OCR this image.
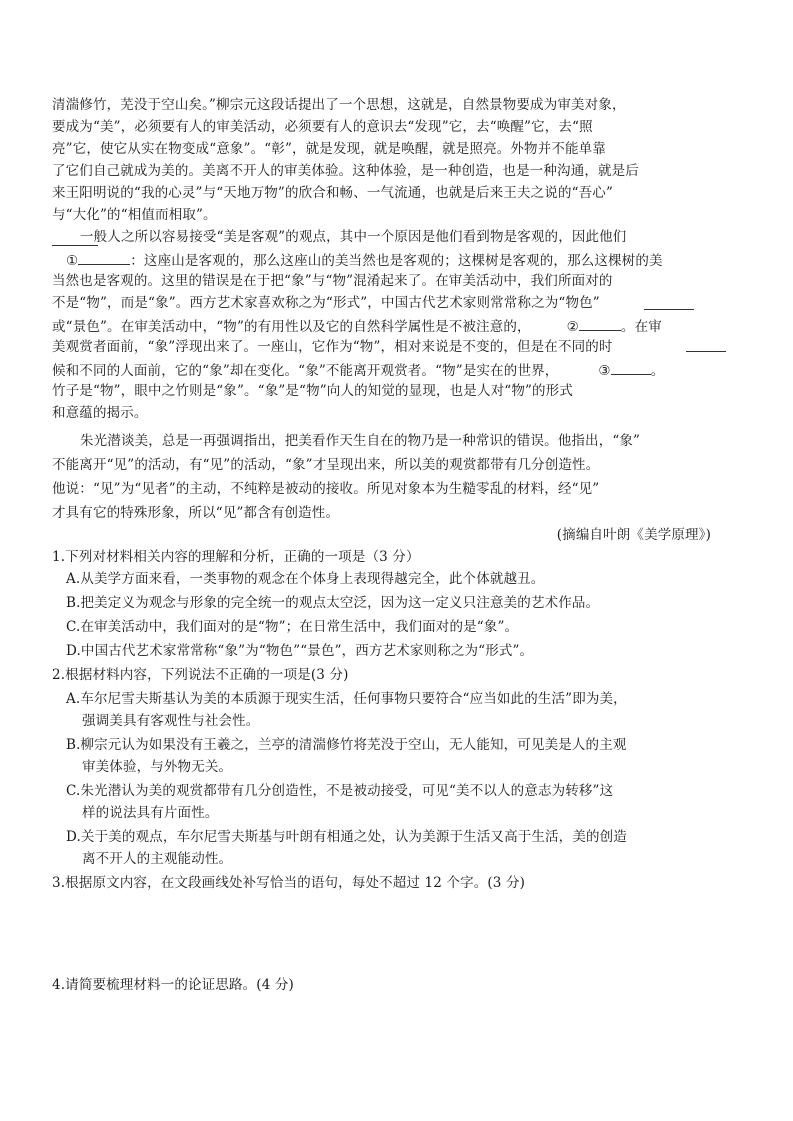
清湍修竹，芜没于空山矣。”柳宗元这段话提出了一个思想，这就是，自然景物要成为审美对象，
要成为“美”，必须要有人的审美活动，必须要有人的意识去“发现”它，去“唤醒”它，去“照
亮”它，使它从实在物变成“意象”。“彰”，就是发现，就是唤醒，就是照亮。外物并不能单靠
了它们自己就成为美的。美离不开人的审美体验。这种体验，是一种创造，也是一种沟通，就是后
来王阳明说的“我的心灵”与“天地万物”的欣合和畅、一气流通，也就是后来王夫之说的“吾心”
与“大化”的“相值而相取”。
一般人之所以容易接受“美是客观”的观点，其中一个原因是他们看到物是客观的，因此他们
①	：这座山是客观的，那么这座山的美当然也是客观的；这棵树是客观的，那么这棵树的美
当然也是客观的。这里的错误是在于把“象”与“物”混淆起来了。在审美活动中，我们所面对的
不是“物”，而是“象”。西方艺术家喜欢称之为“形式”，中国古代艺术家则常常称之为“物色”
或“景色”。在审美活动中，“物”的有用性以及它的自然科学属性是不被注意的，	②	。在审
美观赏者面前，“象”浮现出来了。一座山，它作为“物”，相对来说是不变的，但是在不同的时
候和不同的人面前，它的“象”却在变化。“象”不能离开观赏者。“物”是实在的世界，	③	。
竹子是“物”，眼中之竹则是“象”。“象”是“物”向人的知觉的显现，也是人对“物”的形式
和意蕴的揭示。
朱光潜谈美，总是一再强调指出，把美看作天生自在的物乃是一种常识的错误。他指出，“象”
不能离开“见”的活动，有“见”的活动，“象”才呈现出来，所以美的观赏都带有几分创造性。
他说：“见”为“见者”的主动，不纯粹是被动的接收。所见对象本为生糙零乱的材料，经“见”
才具有它的特殊形象，所以“见”都含有创造性。
(摘编自叶朗《美学原理》)
1.下列对材料相关内容的理解和分析，正确的一项是（3 分）
A.从美学方面来看，一类事物的观念在个体身上表现得越完全，此个体就越丑。
B.把美定义为观念与形象的完全统一的观点太空泛，因为这一定义只注意美的艺术作品。
C.在审美活动中，我们面对的是“物”；在日常生活中，我们面对的是“象”。
D.中国古代艺术家常常称“象”为“物色”“景色”，西方艺术家则称之为“形式”。
2.根据材料内容，下列说法不正确的一项是(3 分)
A.车尔尼雪夫斯基认为美的本质源于现实生活，任何事物只要符合“应当如此的生活”即为美，
强调美具有客观性与社会性。
B.柳宗元认为如果没有王羲之，兰亭的清湍修竹将芜没于空山，无人能知，可见美是人的主观
审美体验，与外物无关。
C.朱光潜认为美的观赏都带有几分创造性，不是被动接受，可见“美不以人的意志为转移”这
样的说法具有片面性。
D.关于美的观点，车尔尼雪夫斯基与叶朗有相通之处，认为美源于生活又高于生活，美的创造
离不开人的主观能动性。
3.根据原文内容，在文段画线处补写恰当的语句，每处不超过 12 个字。(3 分)
4.请简要梳理材料一的论证思路。(4 分)
